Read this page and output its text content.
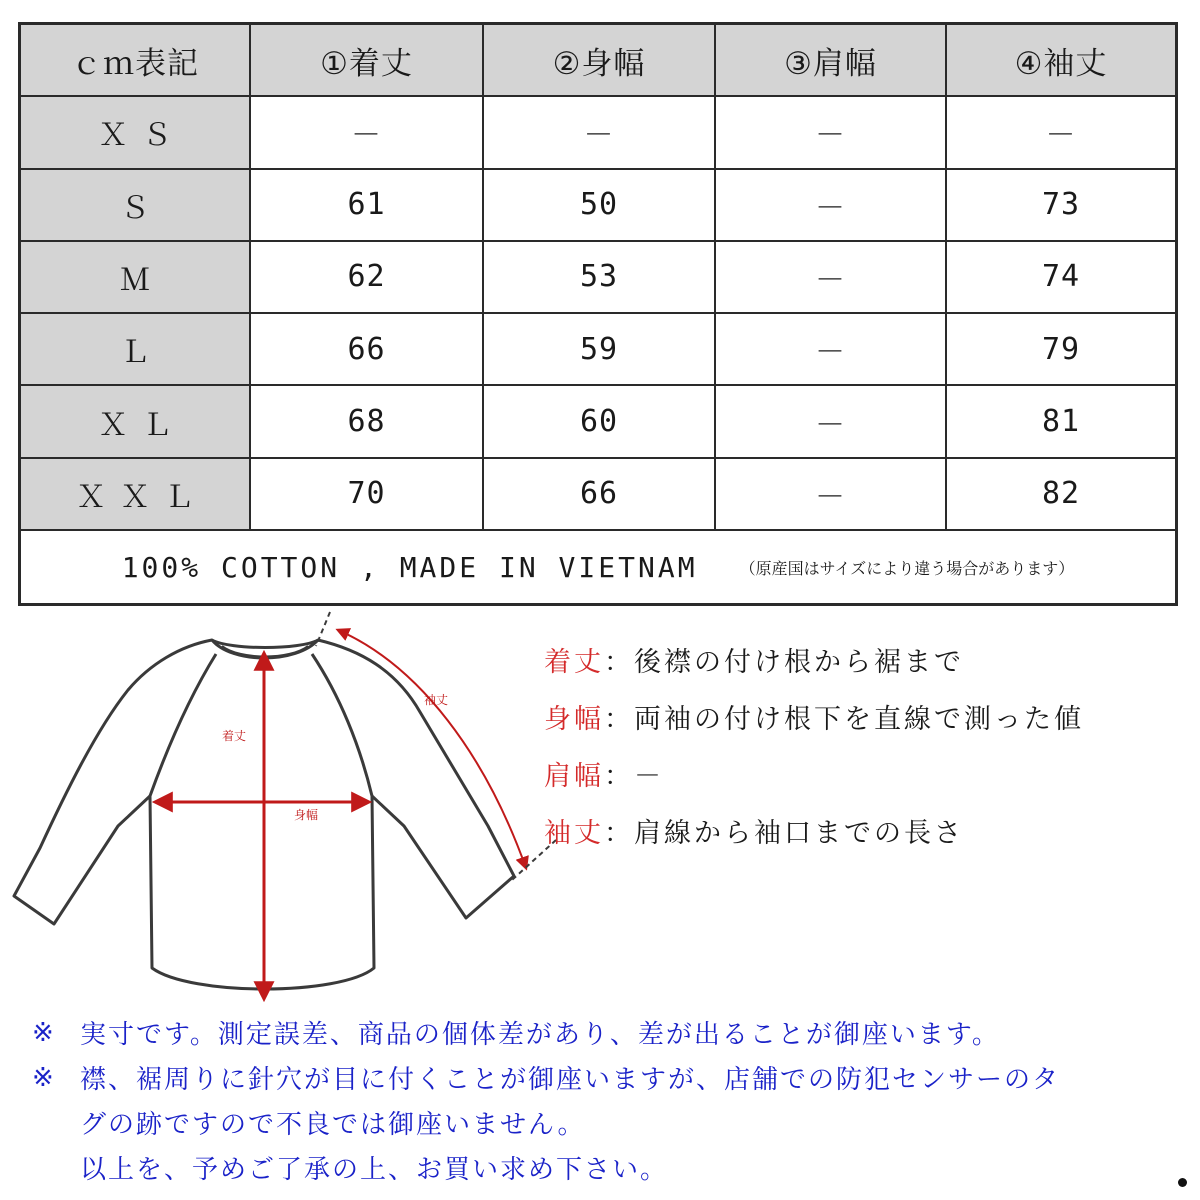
ｃｍ表記	①着丈	②身幅	③肩幅	④袖丈
ＸＳ	－	－	－	－
Ｓ	61	50	－	73
Ｍ	62	53	－	74
Ｌ	66	59	－	79
ＸＬ	68	60	－	81
ＸＸＬ	70	66	－	82
100% COTTON , MADE IN VIETNAM	（原産国はサイズにより違う場合があります）
着丈
身幅
袖丈
着丈 ： 後襟の付け根から裾まで
身幅 ： 両袖の付け根下を直線で測った値
肩幅 ： －
袖丈 ： 肩線から袖口までの長さ
※ 実寸です。測定誤差、商品の個体差があり、差が出ることが御座います。
※ 襟、裾周りに針穴が目に付くことが御座いますが、店舗での防犯センサーのタ
グの跡ですので不良では御座いません。
以上を、予めご了承の上、お買い求め下さい。
